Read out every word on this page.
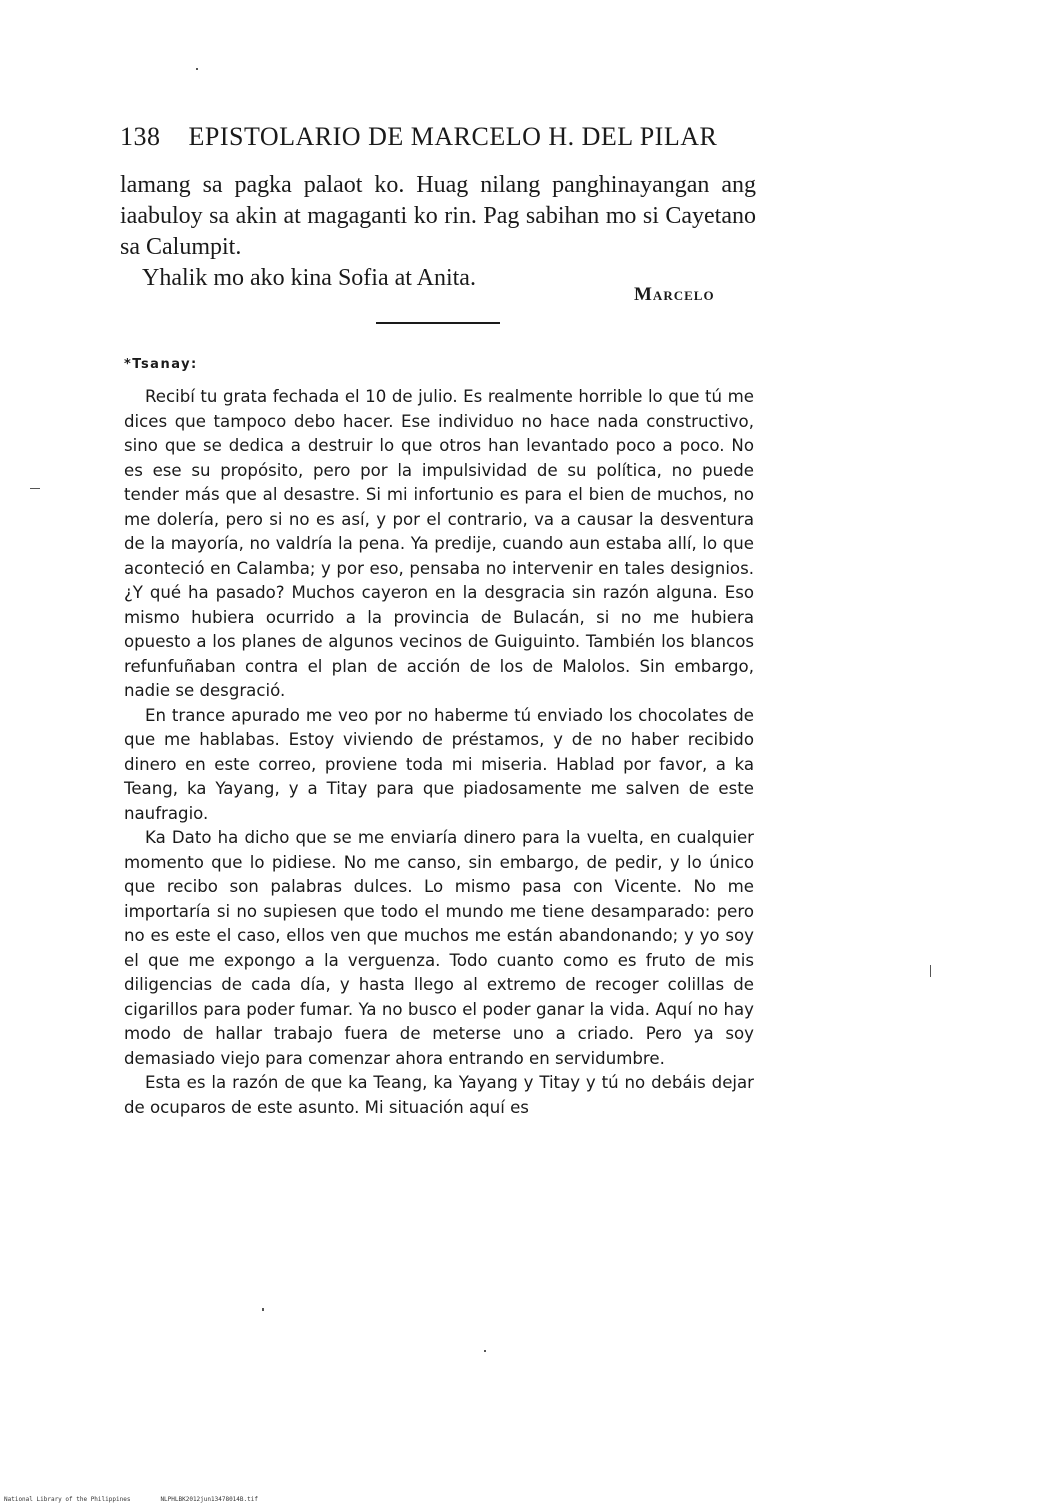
138 EPISTOLARIO DE MARCELO H. DEL PILAR

lamang sa pagka palaot ko. Huag nilang panghinayangan ang iaabuloy sa akin at magaganti ko rin. Pag sabihan mo si Cayetano sa Calumpit.

Yhalik mo ako kina Sofia at Anita.

Marcelo
*Tsanay:

Recibí tu grata fechada el 10 de julio. Es realmente horrible lo que tú me dices que tampoco debo hacer. Ese individuo no hace nada constructivo, sino que se dedica a destruir lo que otros han levantado poco a poco. No es ese su propósito, pero por la impulsividad de su política, no puede tender más que al desastre. Si mi infortunio es para el bien de muchos, no me dolería, pero si no es así, y por el contrario, va a causar la desventura de la mayoría, no valdría la pena. Ya predije, cuando aun estaba allí, lo que aconteció en Calamba; y por eso, pensaba no intervenir en tales designios. ¿Y qué ha pasado? Muchos cayeron en la desgracia sin razón alguna. Eso mismo hubiera ocurrido a la provincia de Bulacán, si no me hubiera opuesto a los planes de algunos vecinos de Guiguinto. También los blancos refunfuñaban contra el plan de acción de los de Malolos. Sin embargo, nadie se desgració.

En trance apurado me veo por no haberme tú enviado los chocolates de que me hablabas. Estoy viviendo de préstamos, y de no haber recibido dinero en este correo, proviene toda mi miseria. Hablad por favor, a ka Teang, ka Yayang, y a Titay para que piadosamente me salven de este naufragio.

Ka Dato ha dicho que se me enviaría dinero para la vuelta, en cualquier momento que lo pidiese. No me canso, sin embargo, de pedir, y lo único que recibo son palabras dulces. Lo mismo pasa con Vicente. No me importaría si no supiesen que todo el mundo me tiene desamparado: pero no es este el caso, ellos ven que muchos me están abandonando; y yo soy el que me expongo a la verguenza. Todo cuanto como es fruto de mis diligencias de cada día, y hasta llego al extremo de recoger colillas de cigarillos para poder fumar. Ya no busco el poder ganar la vida. Aquí no hay modo de hallar trabajo fuera de meterse uno a criado. Pero ya soy demasiado viejo para comenzar ahora entrando en servidumbre.

Esta es la razón de que ka Teang, ka Yayang y Titay y tú no debáis dejar de ocuparos de este asunto. Mi situación aquí es

National Library of the Philippines	NLPHLBK2012jun13478014B.tif
